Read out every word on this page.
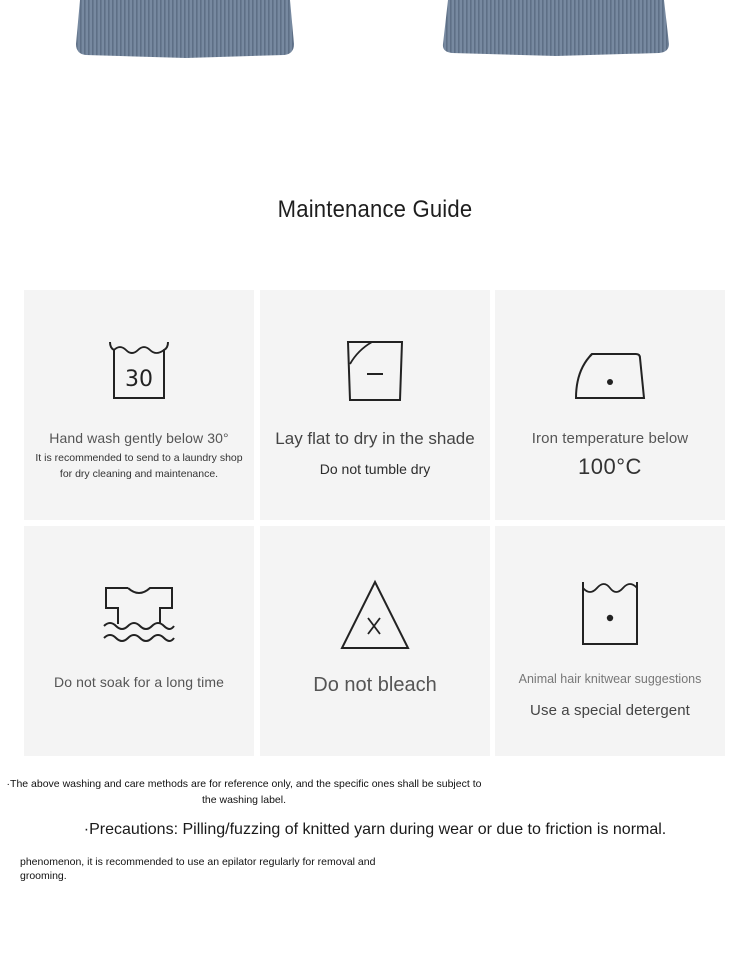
Maintenance Guide
30
Hand wash gently below 30°
It is recommended to send to a laundry shop for dry cleaning and maintenance.
Lay flat to dry in the shade
Do not tumble dry
Iron temperature below
100°C
Do not soak for a long time	Do not bleach	Animal hair knitwear suggestions
Use a special detergent
·The above washing and care methods are for reference only, and the specific ones shall be subject to the washing label.
·Precautions: Pilling/fuzzing of knitted yarn during wear or due to friction is normal.
phenomenon, it is recommended to use an epilator regularly for removal and grooming.
